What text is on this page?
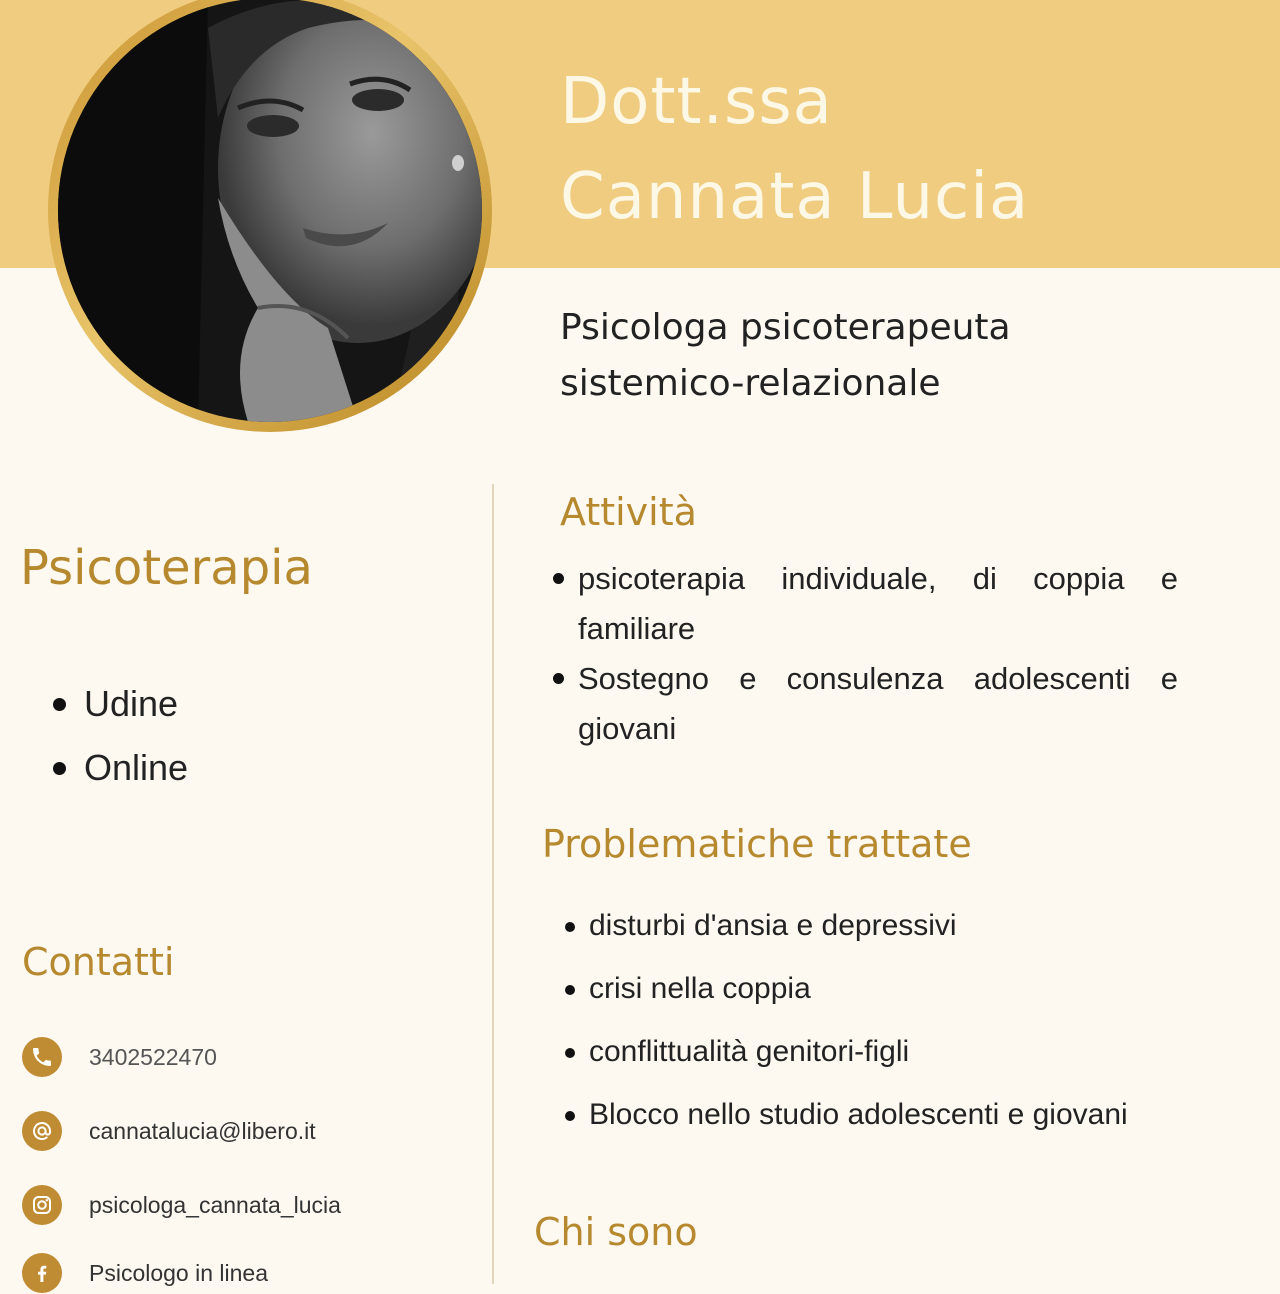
Dott.ssa
Cannata Lucia

Psicologa psicoterapeuta
sistemico-relazionale

Psicoterapia
Udine
Online
Contatti
3402522470
cannatalucia@libero.it
psicologa_cannata_lucia
Psicologo in linea
Attività
psicoterapia individuale, di coppia e familiare
Sostegno e consulenza adolescenti e giovani
Problematiche trattate
disturbi d'ansia e depressivi
crisi nella coppia
conflittualità genitori-figli
Blocco nello studio adolescenti e giovani
Chi sono
